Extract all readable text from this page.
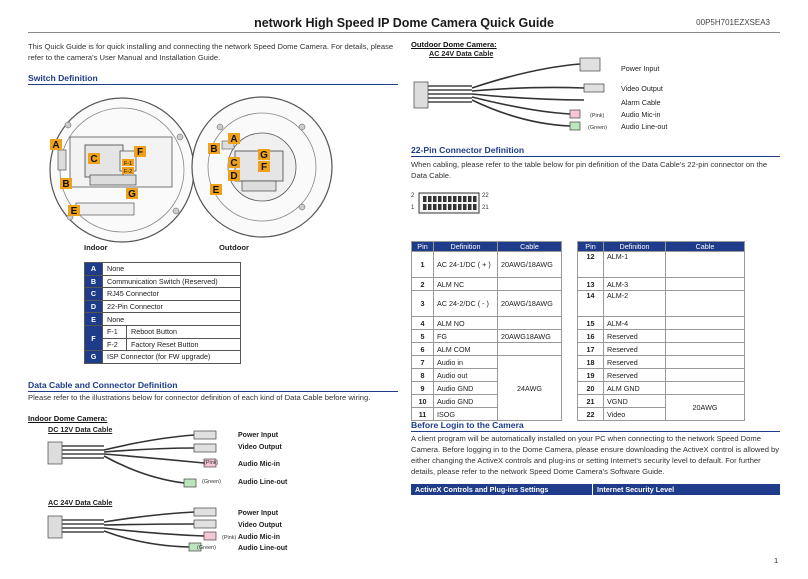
network High Speed IP Dome Camera Quick Guide	00P5H701EZXSEA3
This Quick Guide is for quick installing and connecting the network Speed Dome Camera. For details, please refer to the camera's User Manual and Installation Guide.
Switch Definition
A
C
F
F-1
F-2
B
G
E
B
A
G
C F
D
E
Indoor	Outdoor
A	None	
B	Communication Switch (Reserved)	
C	RJ45 Connector	
D	22-Pin Connector	
E	None	
F	F-1	Reboot Button
	F-2	Factory Reset Button
G	ISP Connector (for FW upgrade)	
Data Cable and Connector Definition
Please refer to the illustrations below for connector definition of each kind of Data Cable before wiring.
Indoor Dome Camera:
DC 12V Data Cable
(Pink)
(Green)
Power Input
Video Output
Audio Mic-in
Audio Line-out
AC 24V Data Cable
(Pink)
(Green)
Power Input
Video Output
Audio Mic-in
Audio Line-out
Outdoor Dome Camera:
AC 24V Data Cable
(Pink)
(Green)
Power Input
Video Output
Alarm Cable
Audio Mic-in
Audio Line-out
22-Pin Connector Definition
When cabling, please refer to the table below for pin definition of the Data Cable's 22-pin connector on the Data Cable.
2
1
22
21
Pin	Definition	Cable
1	AC 24-1/DC ( + )	20AWG/18AWG
2	ALM NC	
3	AC 24-2/DC ( - )	20AWG/18AWG
4	ALM NO	
5	FG	20AWG18AWG
6	ALM COM	
7	Audio in	24AWG
8	Audio out	
9	Audio GND	
10	Audio GND	
11	ISOG	
Pin	Definition	Cable
12	ALM-1	
13	ALM-3	
14	ALM-2	
15	ALM-4	
16	Reserved	
17	Reserved	
18	Reserved	
19	Reserved	
20	ALM GND	
21	VGND	20AWG
22	Video	
Before Login to the Camera
A client program will be automatically installed on your PC when connecting to the network Speed Dome Camera. Before logging in to the Dome Camera, please ensure downloading the ActiveX control is allowed by either changing the ActiveX controls and plug-ins or setting Internet's security level to default. For further details, please refer to the network Speed Dome Camera's Software Guide.
ActiveX Controls and Plug-ins Settings	Internet Security Level
1
